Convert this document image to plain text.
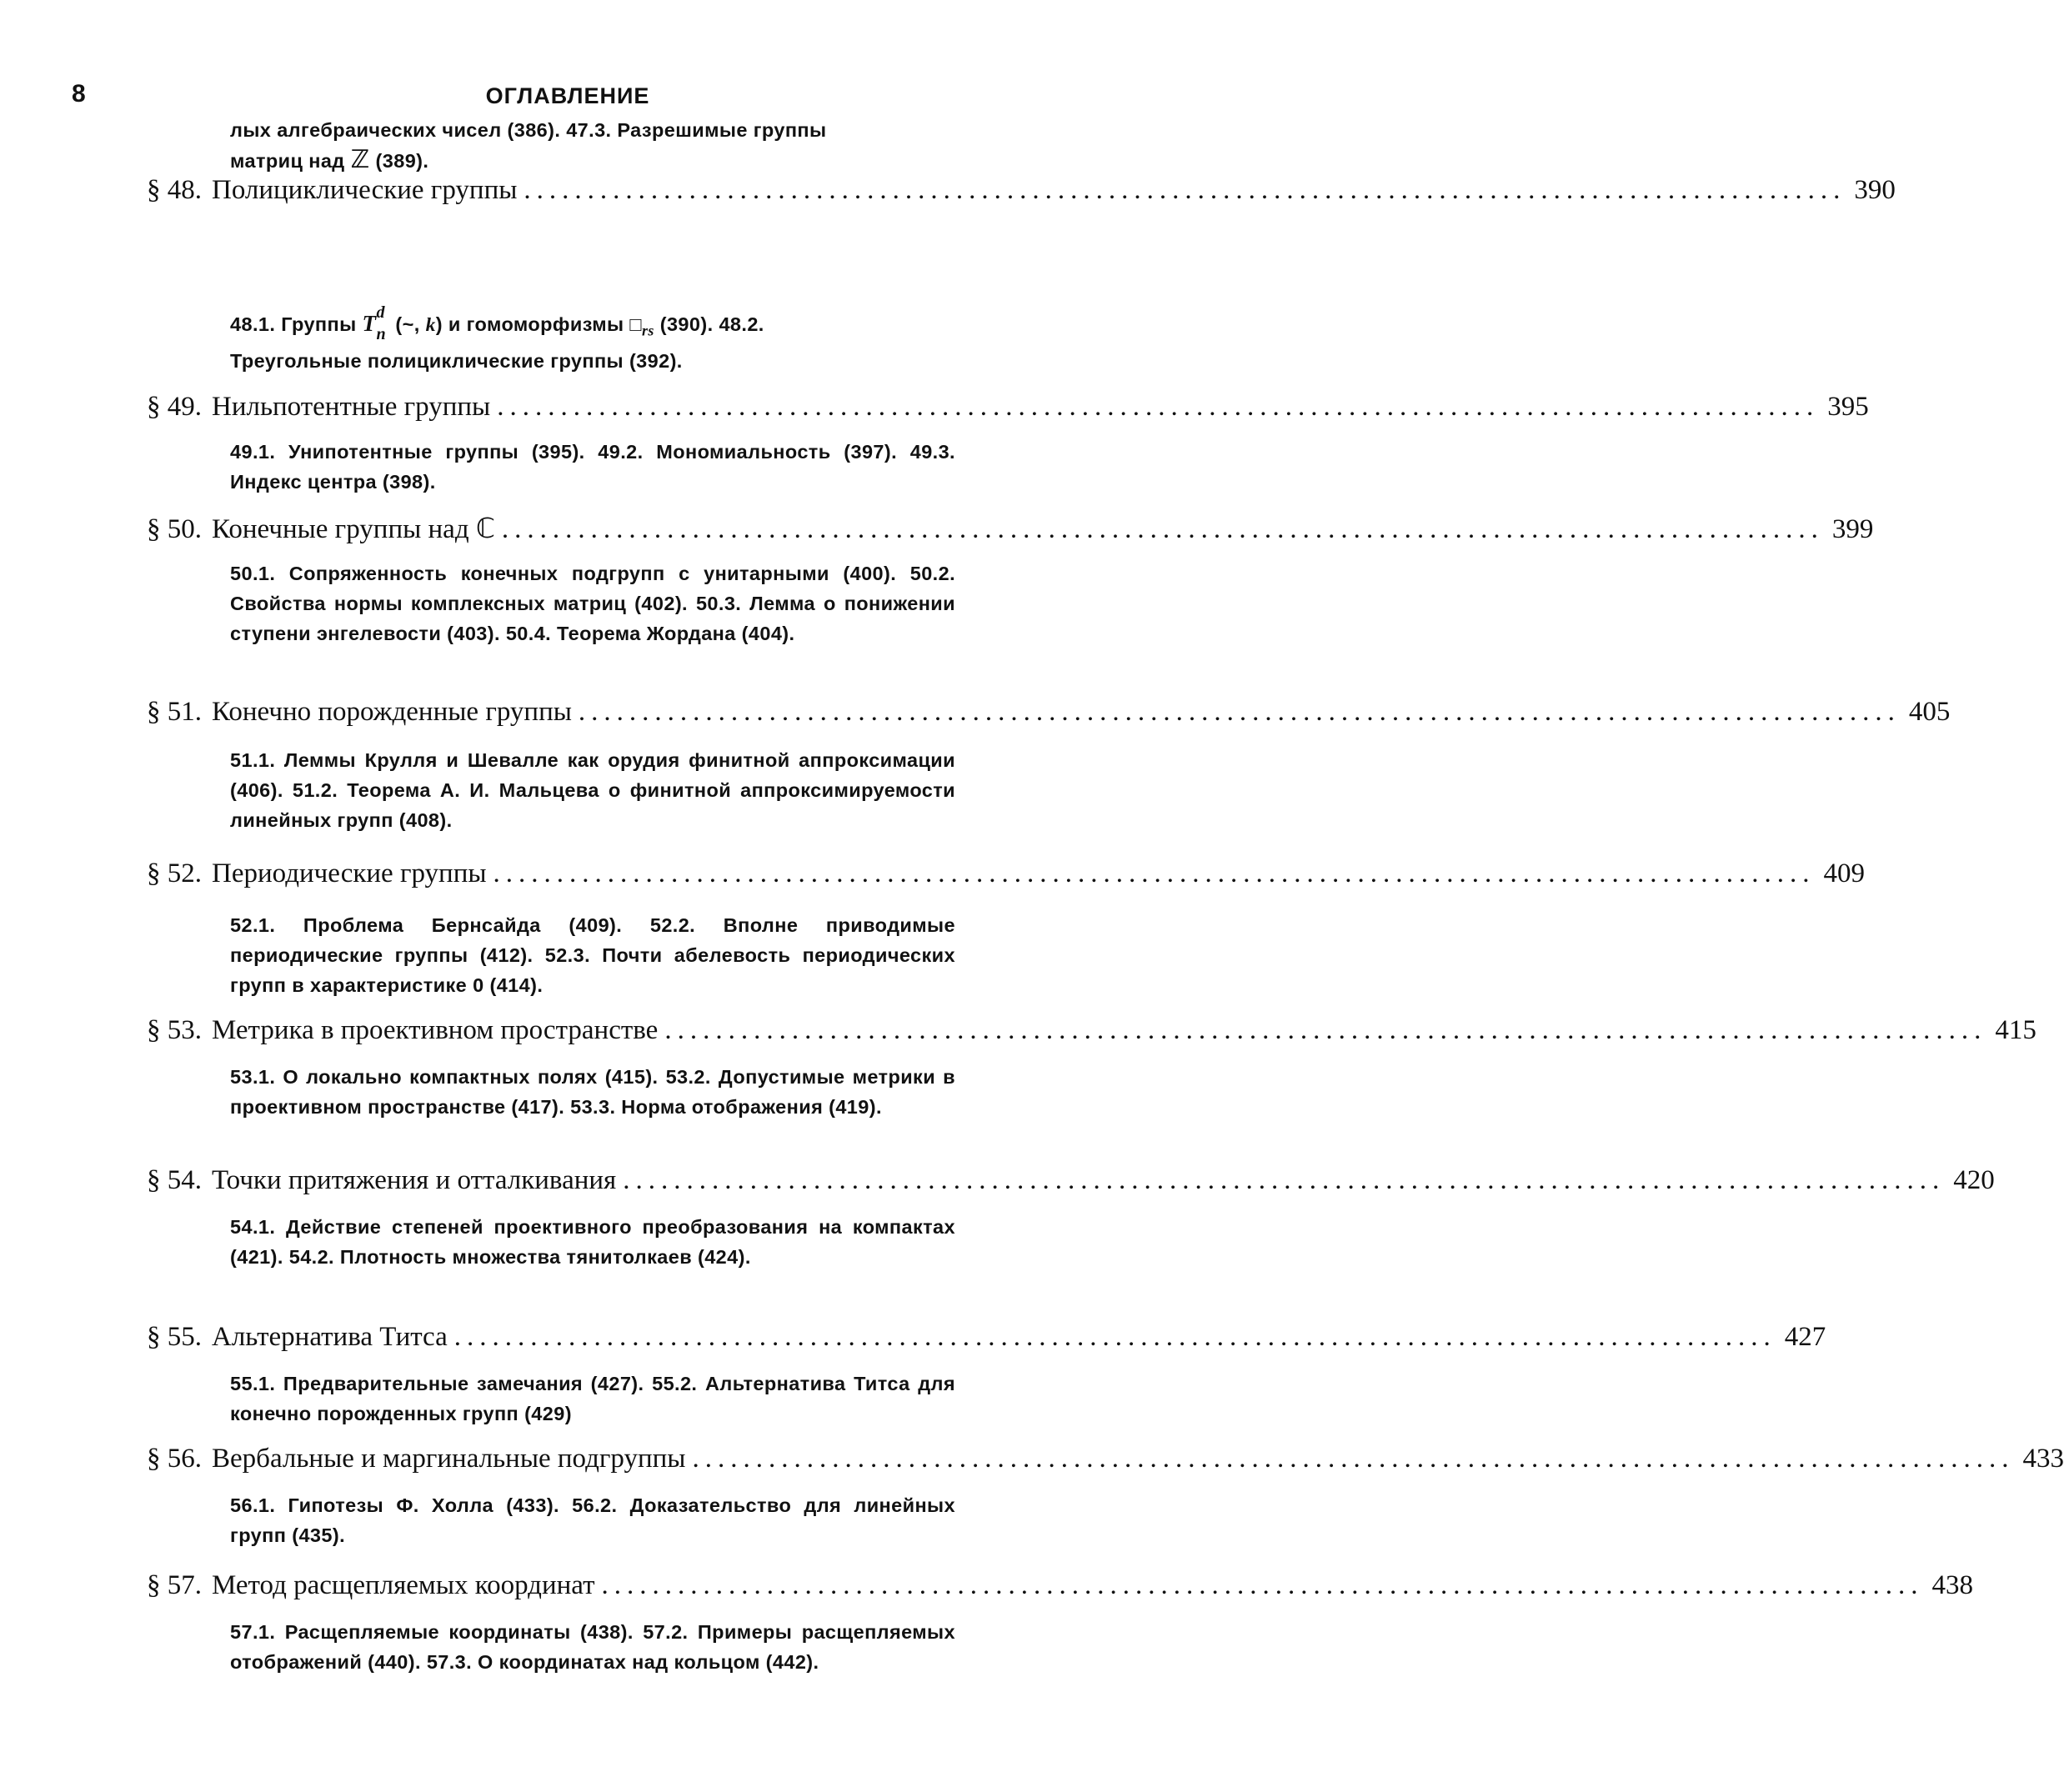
8	ОГЛАВЛЕНИЕ
лых алгебраических чисел (386). 47.3. Разрешимые группы
матриц над ℤ (389).
§ 48. Полициклические группы ........................................................................................................ 390
48.1. Группы T d
n (~, k) и гомоморфизмы $□_{rs}$ (390). 48.2.
Треугольные полициклические группы (392).
§ 49. Нильпотентные группы ........................................................................................................ 395
49.1. Унипотентные группы (395). 49.2. Мономиальность (397). 49.3. Индекс центра (398).
§ 50. Конечные группы над ℂ ........................................................................................................ 399
50.1. Сопряженность конечных подгрупп с унитарными (400). 50.2. Свойства нормы комплексных матриц (402). 50.3. Лемма о понижении ступени энгелевости (403). 50.4. Теорема Жордана (404).
§ 51. Конечно порожденные группы ........................................................................................................ 405
51.1. Леммы Крулля и Шевалле как орудия финитной аппроксимации (406). 51.2. Теорема А. И. Мальцева о финитной аппроксимируемости линейных групп (408).
§ 52. Периодические группы ........................................................................................................ 409
52.1. Проблема Бернсайда (409). 52.2. Вполне приводимые периодические группы (412). 52.3. Почти абелевость периодических групп в характеристике 0 (414).
§ 53. Метрика в проективном пространстве ........................................................................................................ 415
53.1. О локально компактных полях (415). 53.2. Допустимые метрики в проективном пространстве (417). 53.3. Норма отображения (419).
§ 54. Точки притяжения и отталкивания ........................................................................................................ 420
54.1. Действие степеней проективного преобразования на компактах (421). 54.2. Плотность множества тянитолкаев (424).
§ 55. Альтернатива Титса ........................................................................................................ 427
55.1. Предварительные замечания (427). 55.2. Альтернатива Титса для конечно порожденных групп (429)
§ 56. Вербальные и маргинальные подгруппы ........................................................................................................ 433
56.1. Гипотезы Ф. Холла (433). 56.2. Доказательство для линейных групп (435).
§ 57. Метод расщепляемых координат ........................................................................................................ 438
57.1. Расщепляемые координаты (438). 57.2. Примеры расщепляемых отображений (440). 57.3. О координатах над кольцом (442).
